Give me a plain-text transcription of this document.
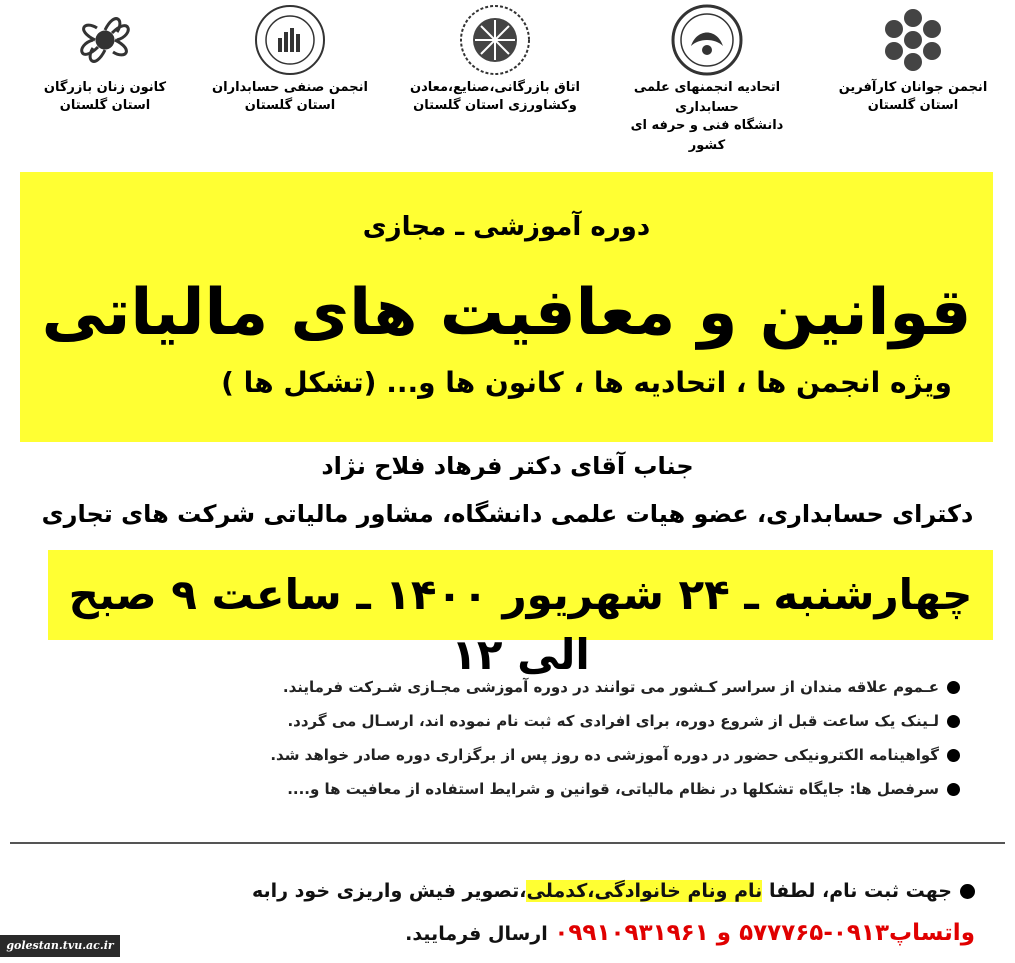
کانون زنان بازرگان
استان گلستان
انجمن صنفی حسابداران
استان گلستان
اتاق بازرگانی،صنایع،معادن
وکشاورزی استان گلستان
اتحادیه انجمنهای علمی حسابداری
دانشگاه فنی و حرفه ای کشور
انجمن جوانان کارآفرین
استان گلستان
دوره آموزشی ـ مجازی
قوانین و معافیت های مالیاتی
ویژه انجمن ها ، اتحادیه ها ، کانون ها و... (تشکل ها )
جناب آقای دکتر فرهاد فلاح نژاد
دکترای حسابداری، عضو هیات علمی دانشگاه، مشاور مالیاتی شرکت های تجاری
چهارشنبه ـ ۲۴ شهریور ۱۴۰۰ ـ ساعت ۹ صبح الی ۱۲
عـموم علاقه مندان از سراسر کـشور می توانند در دوره آموزشی مجـازی شـرکت فرمایند.
لـینک یک ساعت قبل از شروع دوره، برای افرادی که ثبت نام نموده اند، ارسـال می گردد.
گواهینامه الکترونیکی حضور در دوره آموزشی ده روز پس از برگزاری دوره صادر خواهد شد.
سرفصل ها: جایگاه تشکلها در نظام مالیاتی، قوانین و شرایط استفاده از معافیت ها و....
جهت ثبت نام، لطفا نام ونام خانوادگی،کدملی،تصویر فیش واریزی خود رابه واتساپ۰۹۱۳-۵۷۷۷۶۵ و ۰۹۹۱۰۹۳۱۹۶۱ ارسال فرمایید.
golestan.tvu.ac.ir
